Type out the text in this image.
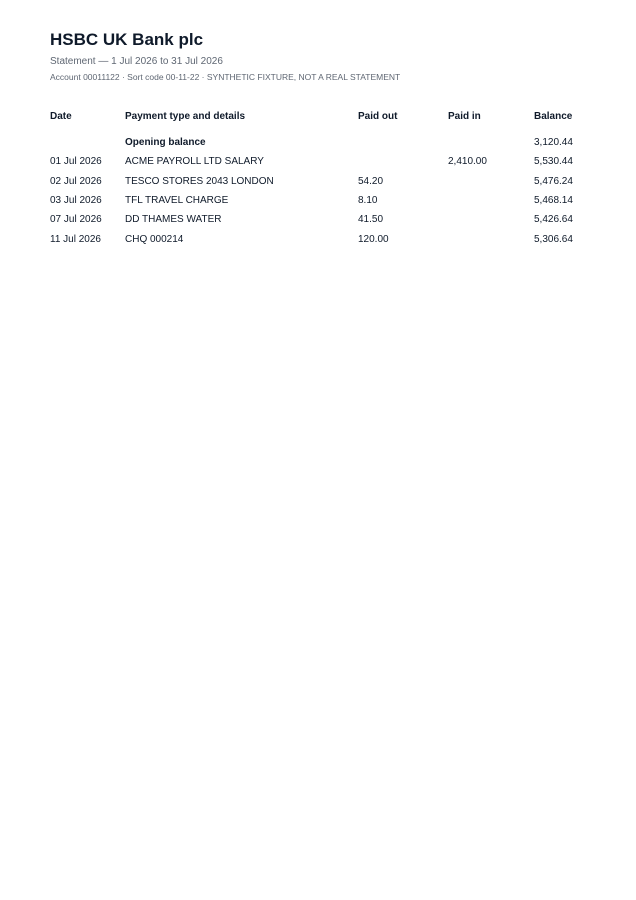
HSBC UK Bank plc
Statement — 1 Jul 2026 to 31 Jul 2026
Account 00011122 · Sort code 00-11-22 · SYNTHETIC FIXTURE, NOT A REAL STATEMENT
Date	Payment type and details	Paid out	Paid in	Balance
	Opening balance			3,120.44
01 Jul 2026	ACME PAYROLL LTD SALARY		2,410.00	5,530.44
02 Jul 2026	TESCO STORES 2043 LONDON	54.20		5,476.24
03 Jul 2026	TFL TRAVEL CHARGE	8.10		5,468.14
07 Jul 2026	DD THAMES WATER	41.50		5,426.64
11 Jul 2026	CHQ 000214	120.00		5,306.64
